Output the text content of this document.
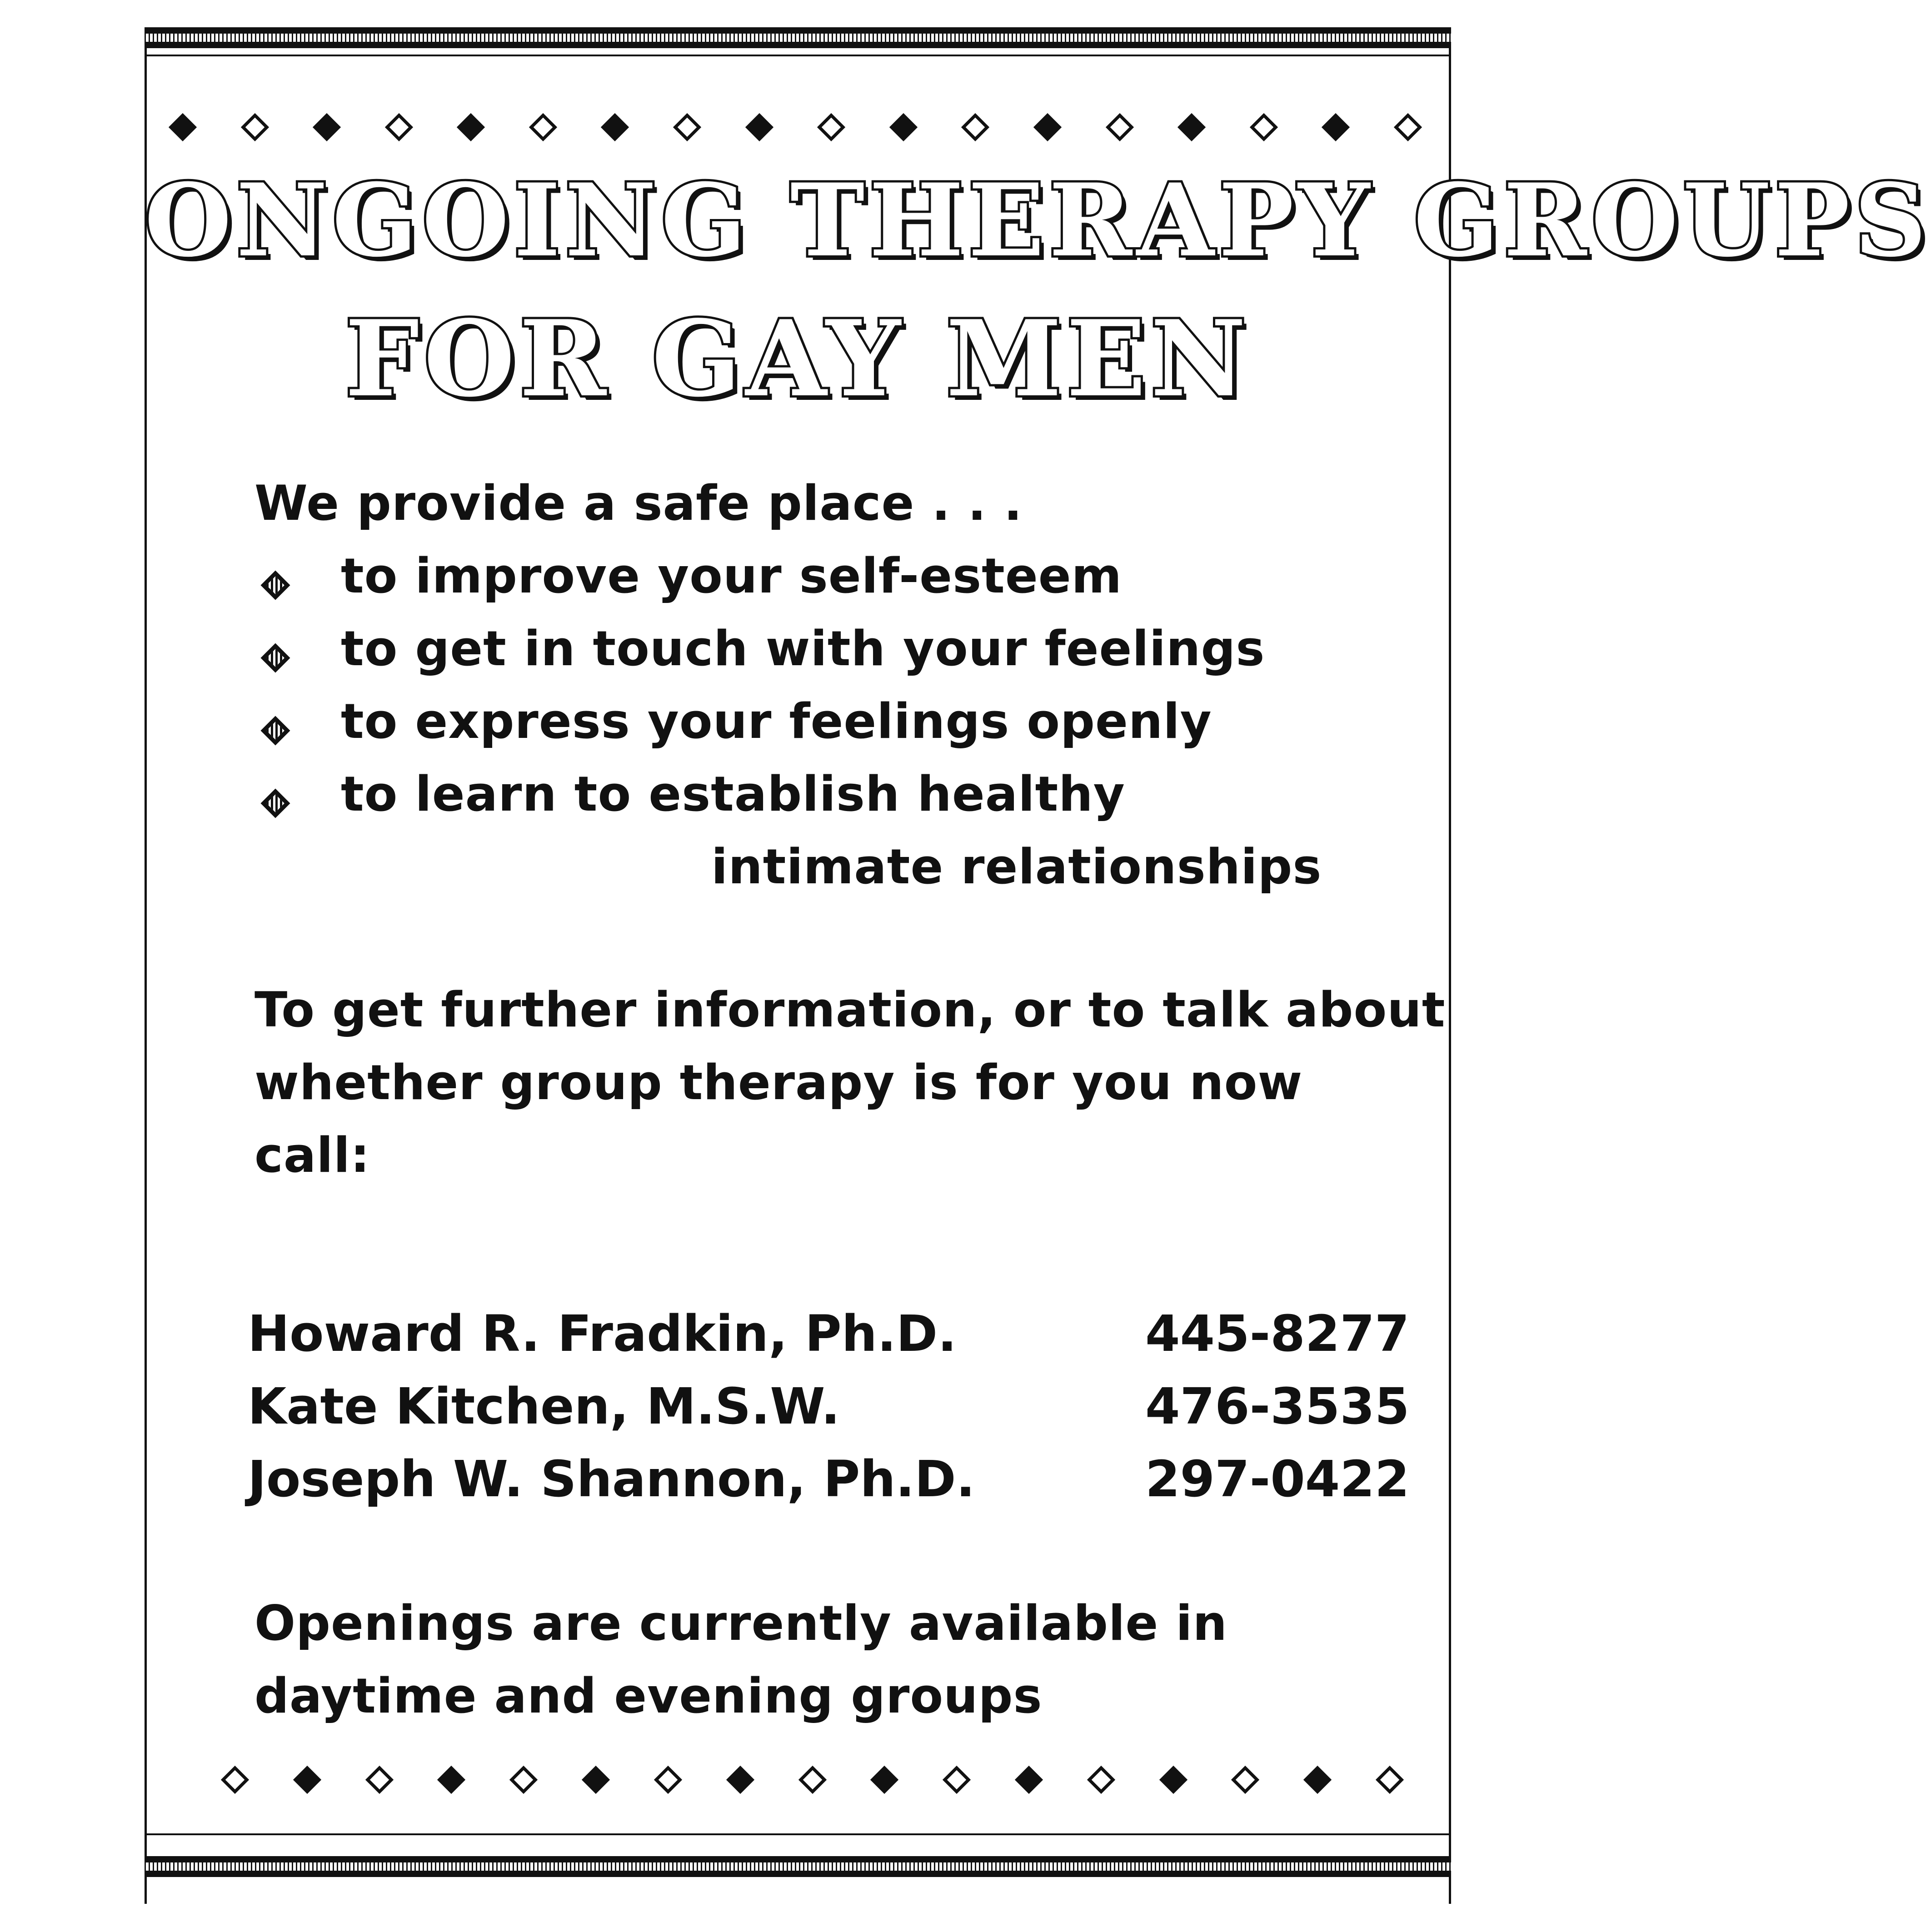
ONGOING THERAPY GROUPS
FOR GAY MEN
We provide a safe place . . .
to improve your self-esteem
to get in touch with your feelings
to express your feelings openly
to learn to establish healthy
intimate relationships
To get further information, or to talk about
whether group therapy is for you now
call:
Howard R. Fradkin, Ph.D.	445-8277
Kate Kitchen, M.S.W.	476-3535
Joseph W. Shannon, Ph.D.	297-0422
Openings are currently available in
daytime and evening groups
